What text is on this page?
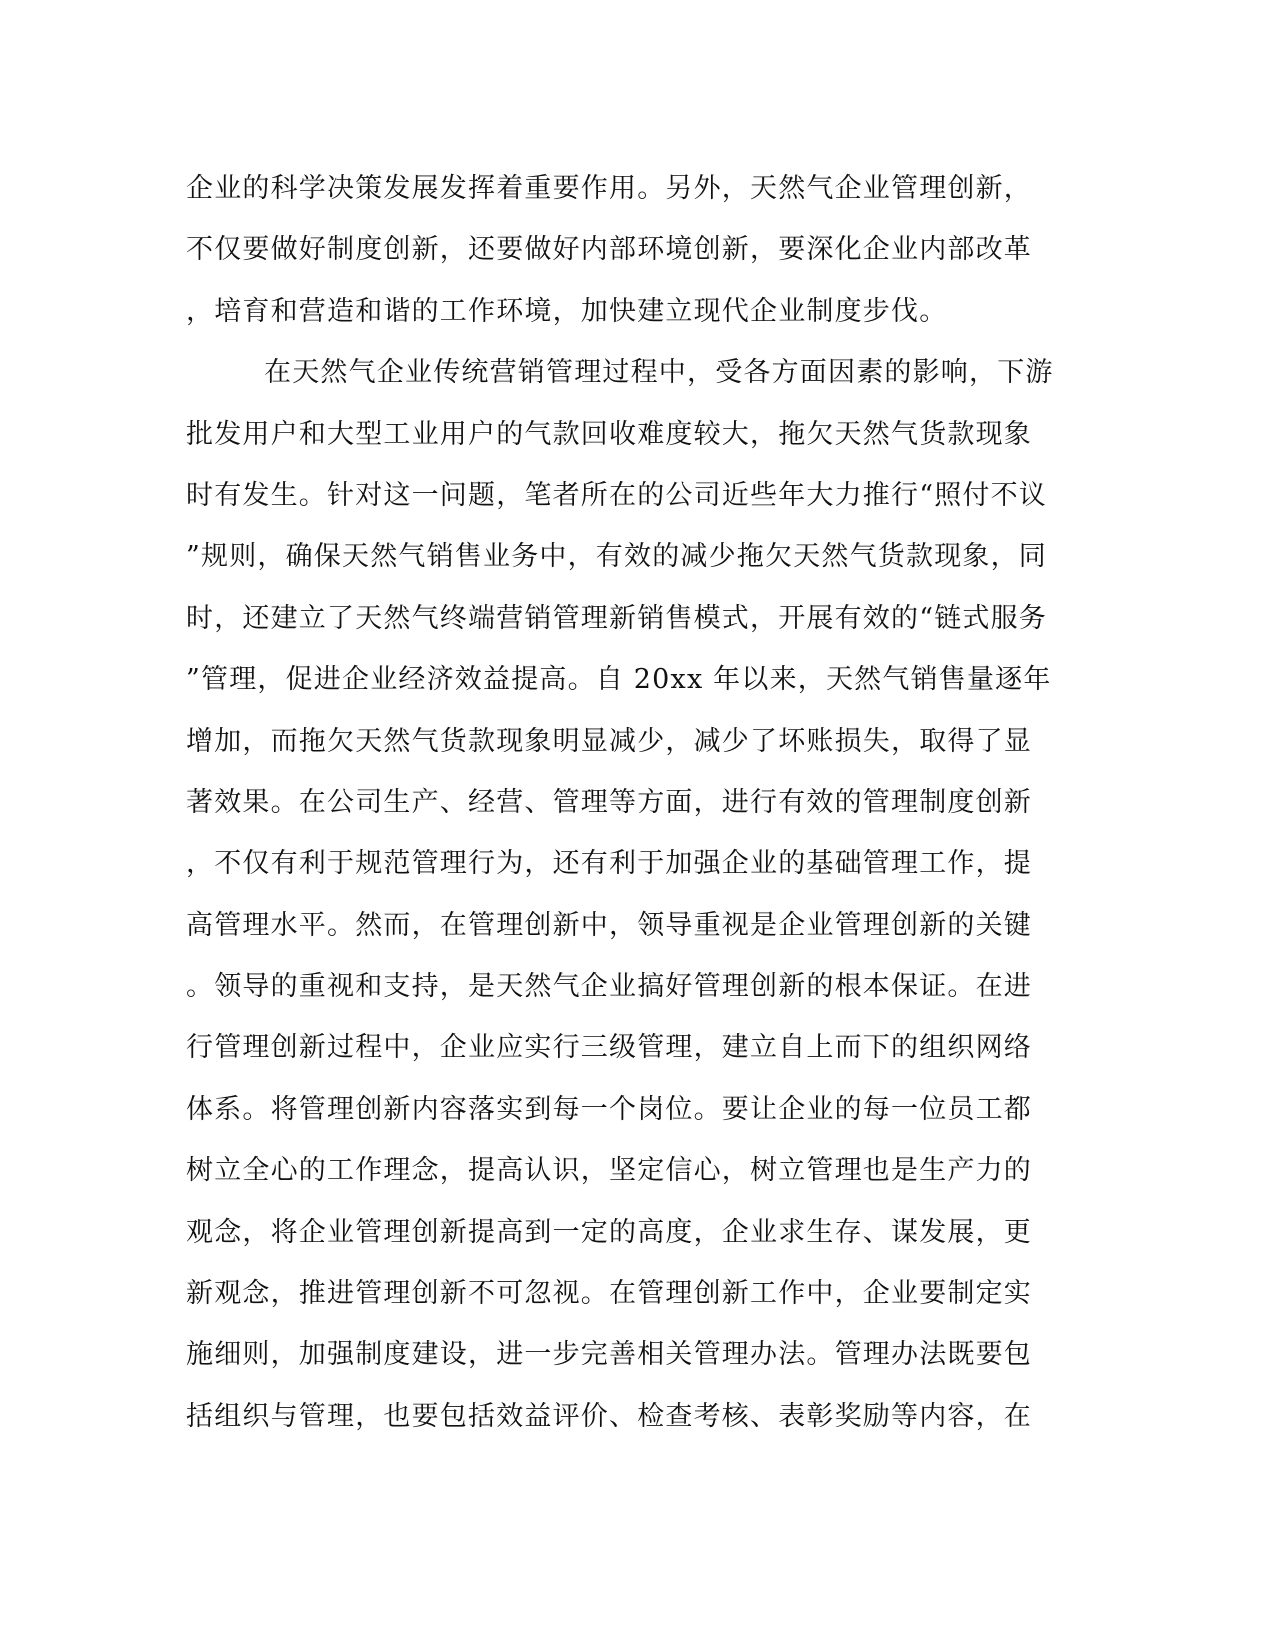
企业的科学决策发展发挥着重要作用。另外，天然气企业管理创新，
不仅要做好制度创新，还要做好内部环境创新，要深化企业内部改革
，培育和营造和谐的工作环境，加快建立现代企业制度步伐。
在天然气企业传统营销管理过程中，受各方面因素的影响，下游
批发用户和大型工业用户的气款回收难度较大，拖欠天然气货款现象
时有发生。针对这一问题，笔者所在的公司近些年大力推行“照付不议
”规则，确保天然气销售业务中，有效的减少拖欠天然气货款现象，同
时，还建立了天然气终端营销管理新销售模式，开展有效的“链式服务
”管理，促进企业经济效益提高。自 20xx 年以来，天然气销售量逐年
增加，而拖欠天然气货款现象明显减少，减少了坏账损失，取得了显
著效果。在公司生产、经营、管理等方面，进行有效的管理制度创新
，不仅有利于规范管理行为，还有利于加强企业的基础管理工作，提
高管理水平。然而，在管理创新中，领导重视是企业管理创新的关键
。领导的重视和支持，是天然气企业搞好管理创新的根本保证。在进
行管理创新过程中，企业应实行三级管理，建立自上而下的组织网络
体系。将管理创新内容落实到每一个岗位。要让企业的每一位员工都
树立全心的工作理念，提高认识，坚定信心，树立管理也是生产力的
观念，将企业管理创新提高到一定的高度，企业求生存、谋发展，更
新观念，推进管理创新不可忽视。在管理创新工作中，企业要制定实
施细则，加强制度建设，进一步完善相关管理办法。管理办法既要包
括组织与管理，也要包括效益评价、检查考核、表彰奖励等内容，在
